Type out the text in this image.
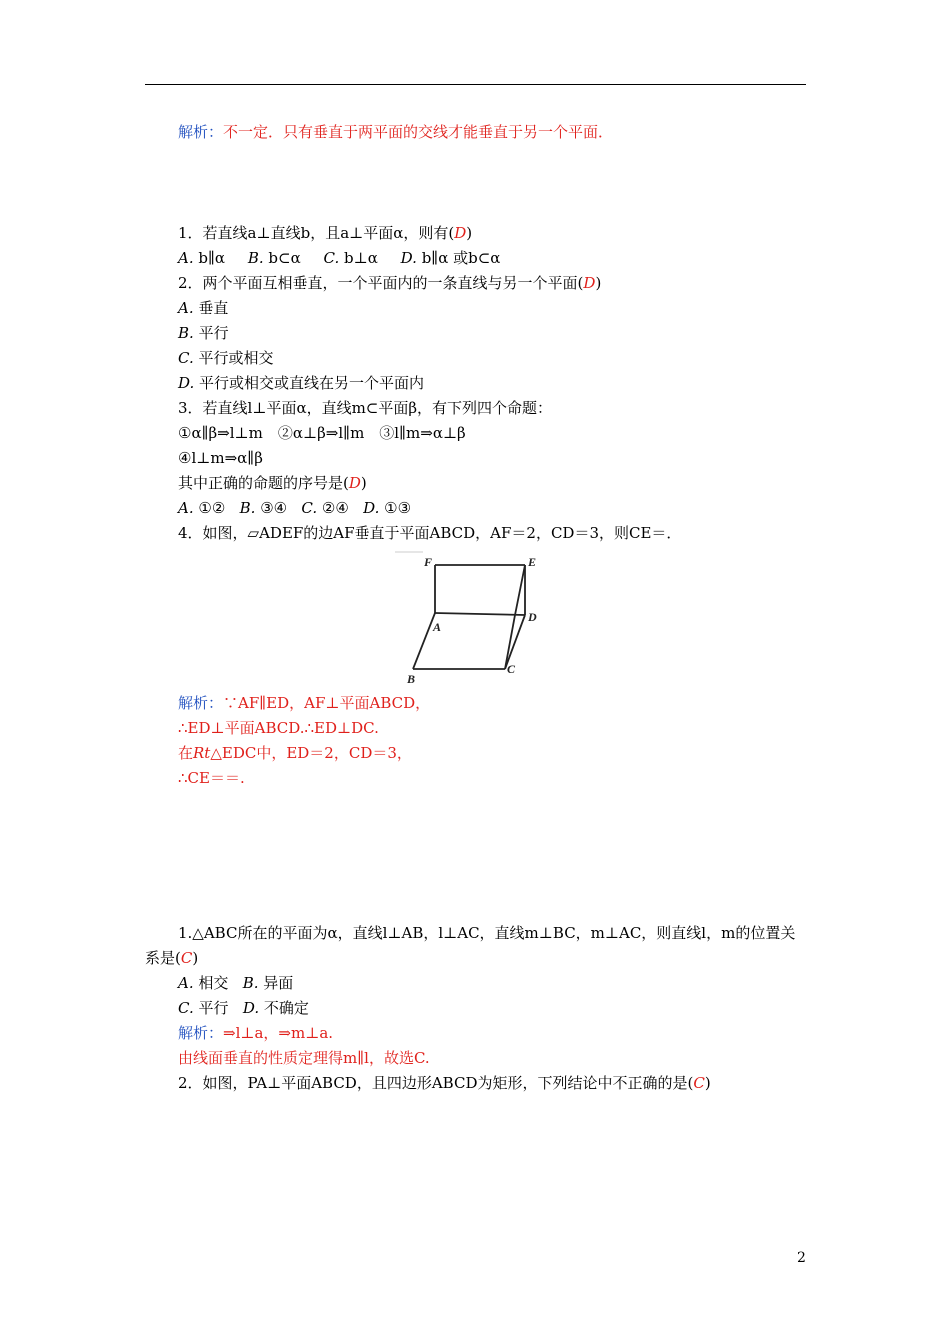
解析：不一定．只有垂直于两平面的交线才能垂直于另一个平面．
1．若直线a⊥直线b，且a⊥平面α，则有(D)
A. b∥α B. b⊂α C. b⊥α D. b∥α 或b⊂α
2．两个平面互相垂直，一个平面内的一条直线与另一个平面(D)
A. 垂直
B. 平行
C. 平行或相交
D. 平行或相交或直线在另一个平面内
3．若直线l⊥平面α，直线m⊂平面β，有下列四个命题：
①α∥β⇒l⊥m　②α⊥β⇒l∥m　③l∥m⇒α⊥β
④l⊥m⇒α∥β
其中正确的命题的序号是(D)
A. ①② B. ③④ C. ②④ D. ①③
4．如图，▱ADEF的边AF垂直于平面ABCD，AF＝2，CD＝3，则CE＝．
F	E
D
A
B
C
解析：∵AF∥ED，AF⊥平面ABCD，
∴ED⊥平面ABCD.∴ED⊥DC.
在Rt△EDC中，ED＝2，CD＝3，
∴CE＝＝.
1.△ABC所在的平面为α，直线l⊥AB，l⊥AC，直线m⊥BC，m⊥AC，则直线l，m的位置关
系是(C)
A. 相交 B. 异面
C. 平行 D. 不确定
解析：⇒l⊥a，⇒m⊥a.
由线面垂直的性质定理得m∥l，故选C.
2．如图，PA⊥平面ABCD，且四边形ABCD为矩形，下列结论中不正确的是(C)
2
